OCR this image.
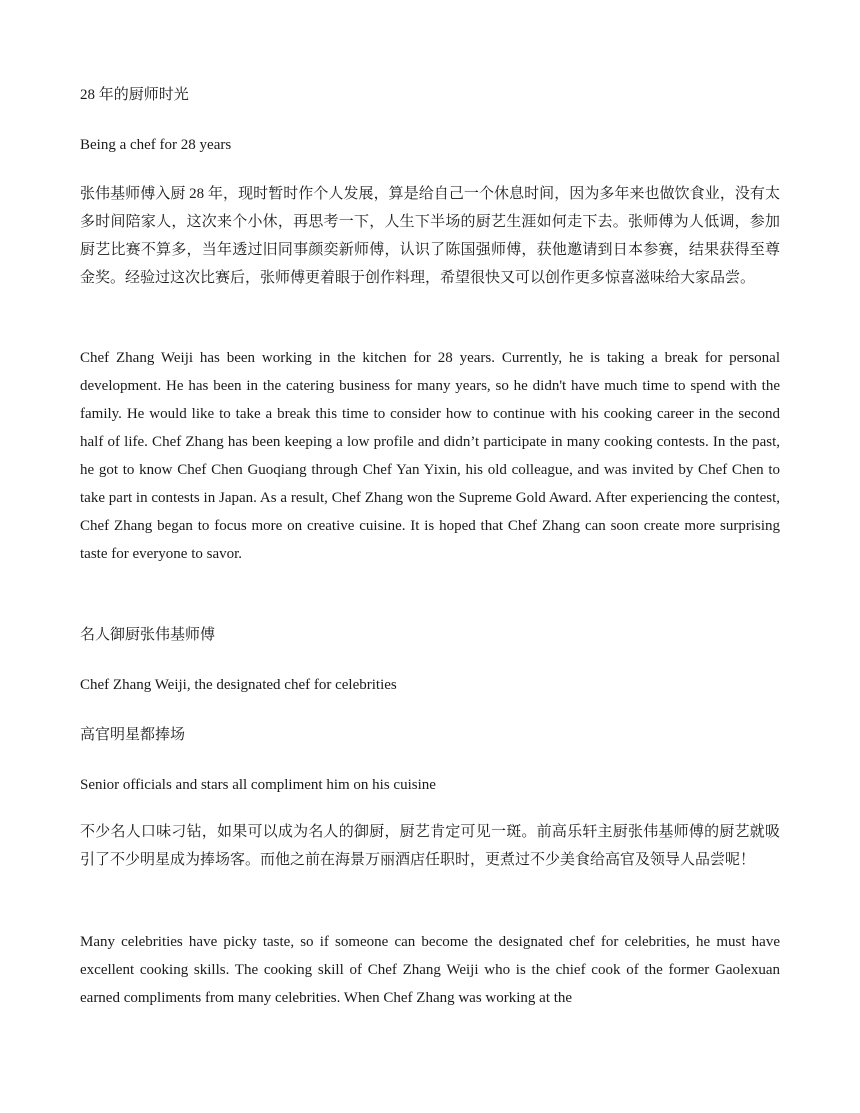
28 年的厨师时光

Being a chef for 28 years

张伟基师傅入厨 28 年，现时暂时作个人发展，算是给自己一个休息时间，因为多年来也做饮食业，没有太多时间陪家人，这次来个小休，再思考一下，人生下半场的厨艺生涯如何走下去。张师傅为人低调，参加厨艺比赛不算多，当年透过旧同事颜奕新师傅，认识了陈国强师傅，获他邀请到日本参赛，结果获得至尊金奖。经验过这次比赛后，张师傅更着眼于创作料理，希望很快又可以创作更多惊喜滋味给大家品尝。

Chef Zhang Weiji has been working in the kitchen for 28 years. Currently, he is taking a break for personal development. He has been in the catering business for many years, so he didn't have much time to spend with the family. He would like to take a break this time to consider how to continue with his cooking career in the second half of life. Chef Zhang has been keeping a low profile and didn’t participate in many cooking contests. In the past, he got to know Chef Chen Guoqiang through Chef Yan Yixin, his old colleague, and was invited by Chef Chen to take part in contests in Japan. As a result, Chef Zhang won the Supreme Gold Award. After experiencing the contest, Chef Zhang began to focus more on creative cuisine. It is hoped that Chef Zhang can soon create more surprising taste for everyone to savor.

名人御厨张伟基师傅

Chef Zhang Weiji, the designated chef for celebrities

高官明星都捧场

Senior officials and stars all compliment him on his cuisine

不少名人口味刁钻，如果可以成为名人的御厨，厨艺肯定可见一斑。前高乐轩主厨张伟基师傅的厨艺就吸引了不少明星成为捧场客。而他之前在海景万丽酒店任职时，更煮过不少美食给高官及领导人品尝呢！

Many celebrities have picky taste, so if someone can become the designated chef for celebrities, he must have excellent cooking skills. The cooking skill of Chef Zhang Weiji who is the chief cook of the former Gaolexuan earned compliments from many celebrities. When Chef Zhang was working at the
